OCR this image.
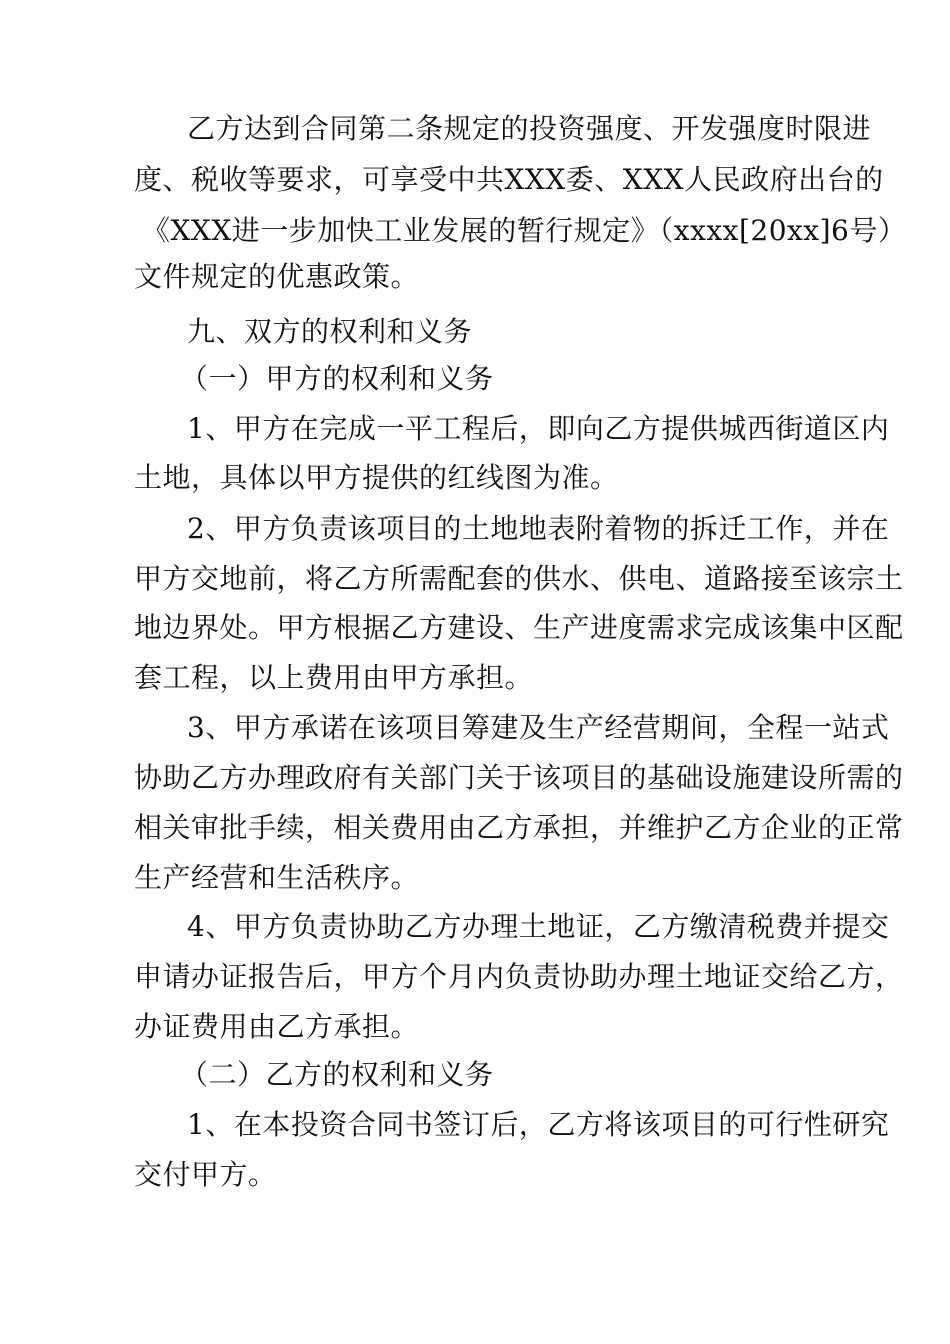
乙方达到合同第二条规定的投资强度、开发强度时限进
度、税收等要求，可享受中共XXX委、XXX人民政府出台的
《XXX进一步加快工业发展的暂行规定》（xxxx[20xx]6号）
文件规定的优惠政策。
九、双方的权利和义务
（一）甲方的权利和义务
1、甲方在完成一平工程后，即向乙方提供城西街道区内
土地，具体以甲方提供的红线图为准。
2、甲方负责该项目的土地地表附着物的拆迁工作，并在
甲方交地前，将乙方所需配套的供水、供电、道路接至该宗土
地边界处。甲方根据乙方建设、生产进度需求完成该集中区配
套工程，以上费用由甲方承担。
3、甲方承诺在该项目筹建及生产经营期间，全程一站式
协助乙方办理政府有关部门关于该项目的基础设施建设所需的
相关审批手续，相关费用由乙方承担，并维护乙方企业的正常
生产经营和生活秩序。
4、甲方负责协助乙方办理土地证，乙方缴清税费并提交
申请办证报告后，甲方个月内负责协助办理土地证交给乙方，
办证费用由乙方承担。
（二）乙方的权利和义务
1、在本投资合同书签订后，乙方将该项目的可行性研究
交付甲方。
